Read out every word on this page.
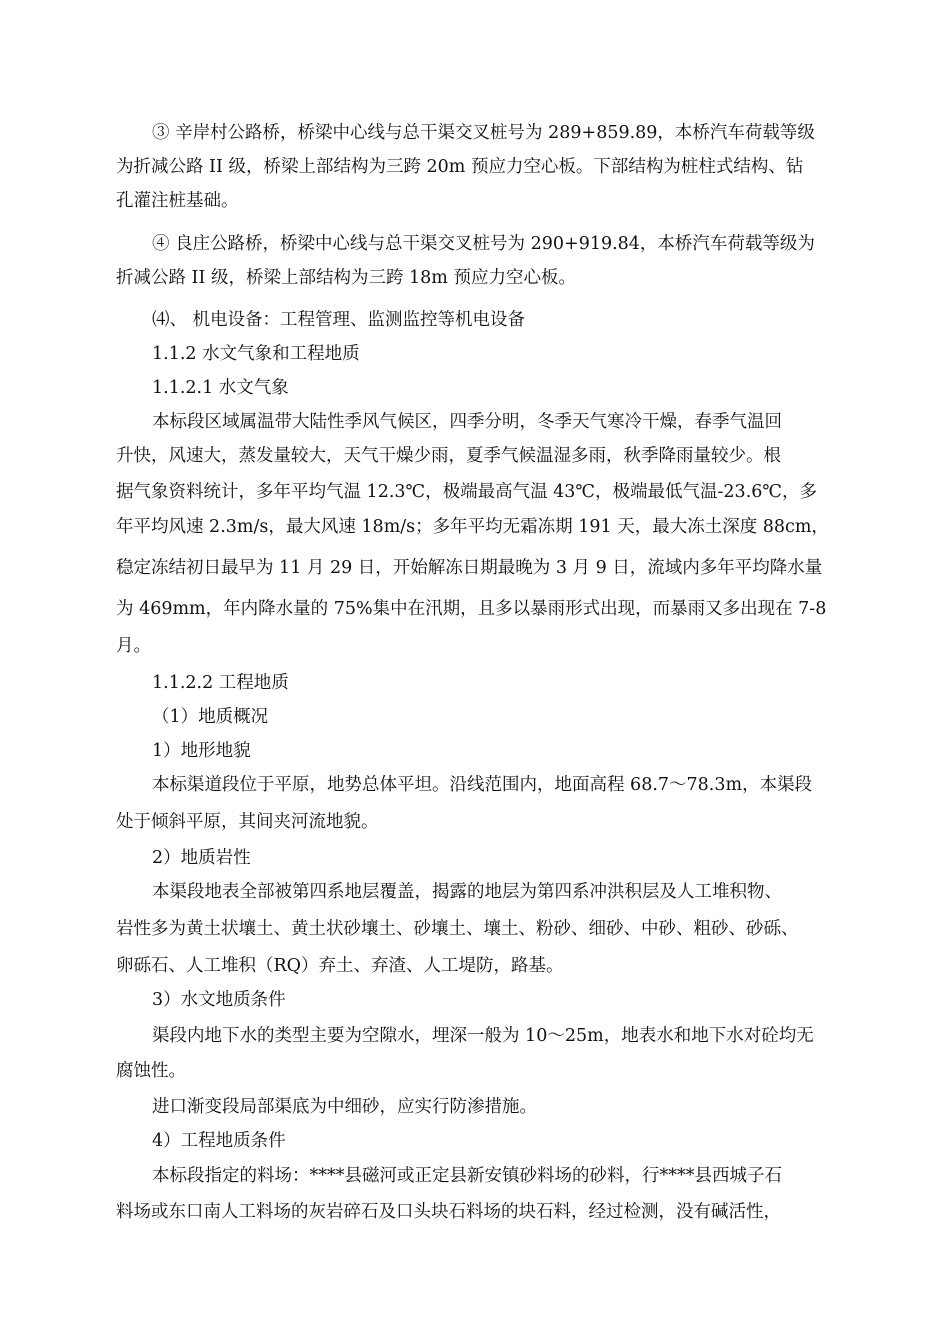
③ 辛岸村公路桥，桥梁中心线与总干渠交叉桩号为 289+859.89，本桥汽车荷载等级

为折减公路 II 级，桥梁上部结构为三跨 20m 预应力空心板。下部结构为桩柱式结构、钻

孔灌注桩基础。

④ 良庄公路桥，桥梁中心线与总干渠交叉桩号为 290+919.84，本桥汽车荷载等级为

折减公路 II 级，桥梁上部结构为三跨 18m 预应力空心板。

⑷、 机电设备：工程管理、监测监控等机电设备

1.1.2 水文气象和工程地质

1.1.2.1 水文气象

本标段区域属温带大陆性季风气候区，四季分明，冬季天气寒冷干燥，春季气温回

升快，风速大，蒸发量较大，天气干燥少雨，夏季气候温湿多雨，秋季降雨量较少。根

据气象资料统计，多年平均气温 12.3℃，极端最高气温 43℃，极端最低气温-23.6℃，多

年平均风速 2.3m/s，最大风速 18m/s；多年平均无霜冻期 191 天，最大冻土深度 88cm，

稳定冻结初日最早为 11 月 29 日，开始解冻日期最晚为 3 月 9 日，流域内多年平均降水量

为 469mm，年内降水量的 75%集中在汛期，且多以暴雨形式出现，而暴雨又多出现在 7-8

月。

1.1.2.2 工程地质

（1）地质概况

1）地形地貌

本标渠道段位于平原，地势总体平坦。沿线范围内，地面高程 68.7～78.3m，本渠段

处于倾斜平原，其间夹河流地貌。

2）地质岩性

本渠段地表全部被第四系地层覆盖，揭露的地层为第四系冲洪积层及人工堆积物、

岩性多为黄土状壤土、黄土状砂壤土、砂壤土、壤土、粉砂、细砂、中砂、粗砂、砂砾、

卵砾石、人工堆积（RQ）弃土、弃渣、人工堤防，路基。

3）水文地质条件

渠段内地下水的类型主要为空隙水，埋深一般为 10～25m，地表水和地下水对砼均无

腐蚀性。

进口渐变段局部渠底为中细砂，应实行防渗措施。

4）工程地质条件

本标段指定的料场：****县磁河或正定县新安镇砂料场的砂料，行****县西城子石

料场或东口南人工料场的灰岩碎石及口头块石料场的块石料，经过检测，没有碱活性，
